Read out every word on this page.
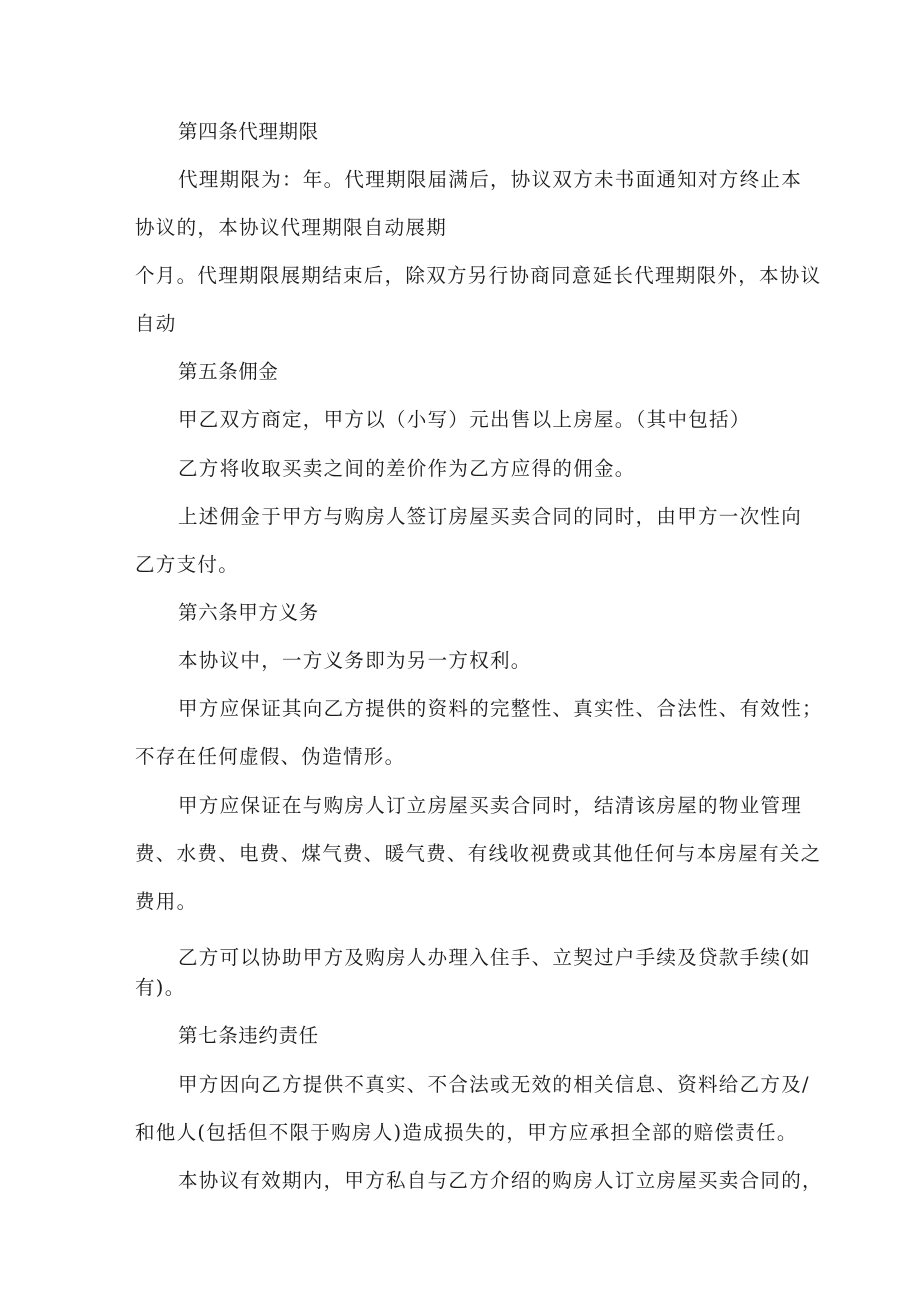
第四条代理期限
代理期限为：年。代理期限届满后，协议双方未书面通知对方终止本
协议的，本协议代理期限自动展期
个月。代理期限展期结束后，除双方另行协商同意延长代理期限外，本协议
自动
第五条佣金
甲乙双方商定，甲方以（小写）元出售以上房屋。（其中包括）
乙方将收取买卖之间的差价作为乙方应得的佣金。
上述佣金于甲方与购房人签订房屋买卖合同的同时，由甲方一次性向
乙方支付。
第六条甲方义务
本协议中，一方义务即为另一方权利。
甲方应保证其向乙方提供的资料的完整性、真实性、合法性、有效性；
不存在任何虚假、伪造情形。
甲方应保证在与购房人订立房屋买卖合同时，结清该房屋的物业管理
费、水费、电费、煤气费、暖气费、有线收视费或其他任何与本房屋有关之
费用。
乙方可以协助甲方及购房人办理入住手、立契过户手续及贷款手续(如
有)。
第七条违约责任
甲方因向乙方提供不真实、不合法或无效的相关信息、资料给乙方及/
和他人(包括但不限于购房人)造成损失的，甲方应承担全部的赔偿责任。
本协议有效期内，甲方私自与乙方介绍的购房人订立房屋买卖合同的，
